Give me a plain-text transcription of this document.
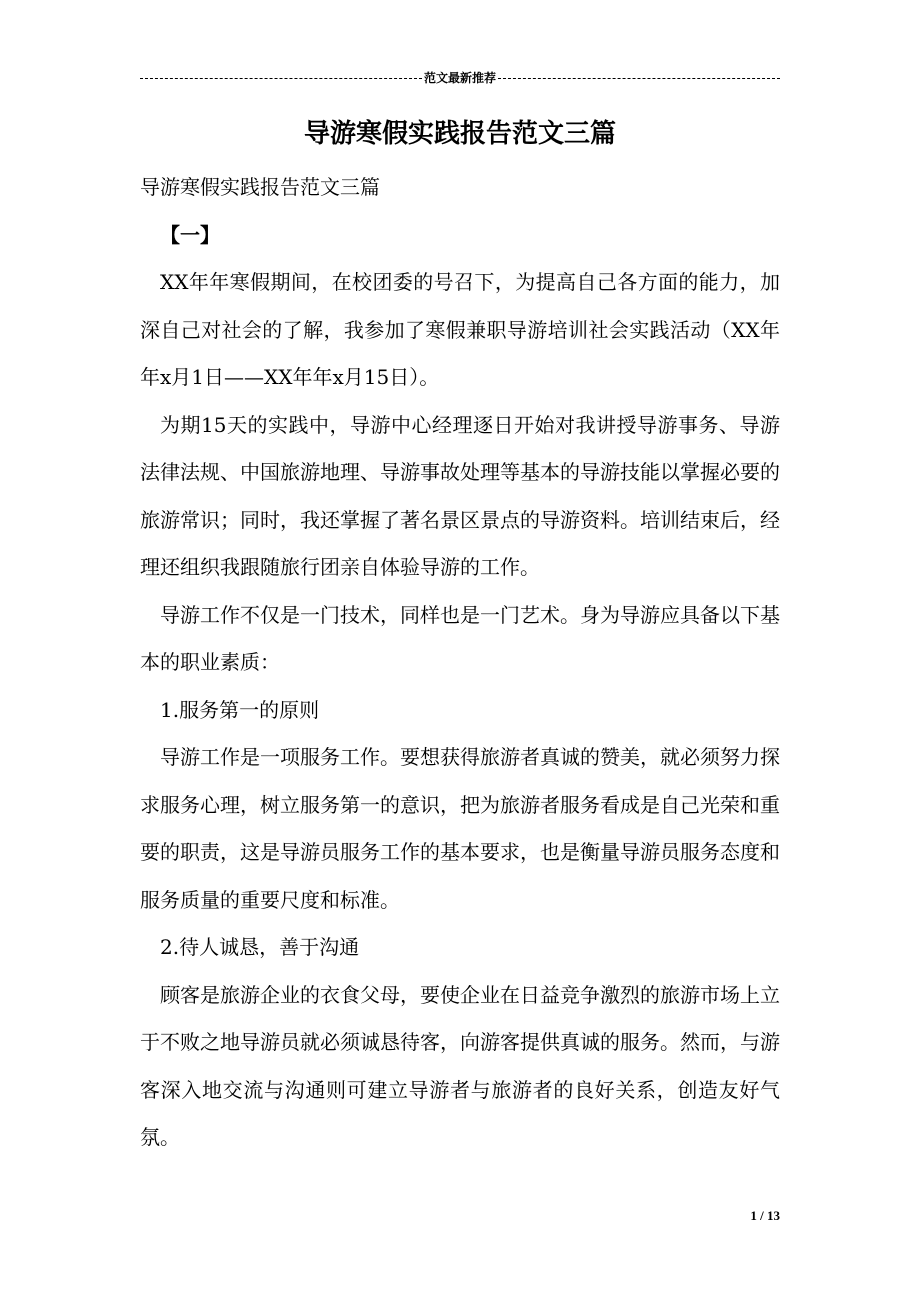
范文最新推荐
导游寒假实践报告范文三篇

导游寒假实践报告范文三篇

【一】

XX年年寒假期间，在校团委的号召下，为提高自己各方面的能力，加深自己对社会的了解，我参加了寒假兼职导游培训社会实践活动（XX年年x月1日——XX年年x月15日）。

为期15天的实践中，导游中心经理逐日开始对我讲授导游事务、导游法律法规、中国旅游地理、导游事故处理等基本的导游技能以掌握必要的旅游常识；同时，我还掌握了著名景区景点的导游资料。培训结束后，经理还组织我跟随旅行团亲自体验导游的工作。

导游工作不仅是一门技术，同样也是一门艺术。身为导游应具备以下基本的职业素质：

1.服务第一的原则

导游工作是一项服务工作。要想获得旅游者真诚的赞美，就必须努力探求服务心理，树立服务第一的意识，把为旅游者服务看成是自己光荣和重要的职责，这是导游员服务工作的基本要求，也是衡量导游员服务态度和服务质量的重要尺度和标准。

2.待人诚恳，善于沟通

顾客是旅游企业的衣食父母，要使企业在日益竞争激烈的旅游市场上立于不败之地导游员就必须诚恳待客，向游客提供真诚的服务。然而，与游客深入地交流与沟通则可建立导游者与旅游者的良好关系，创造友好气氛。

1 / 13
